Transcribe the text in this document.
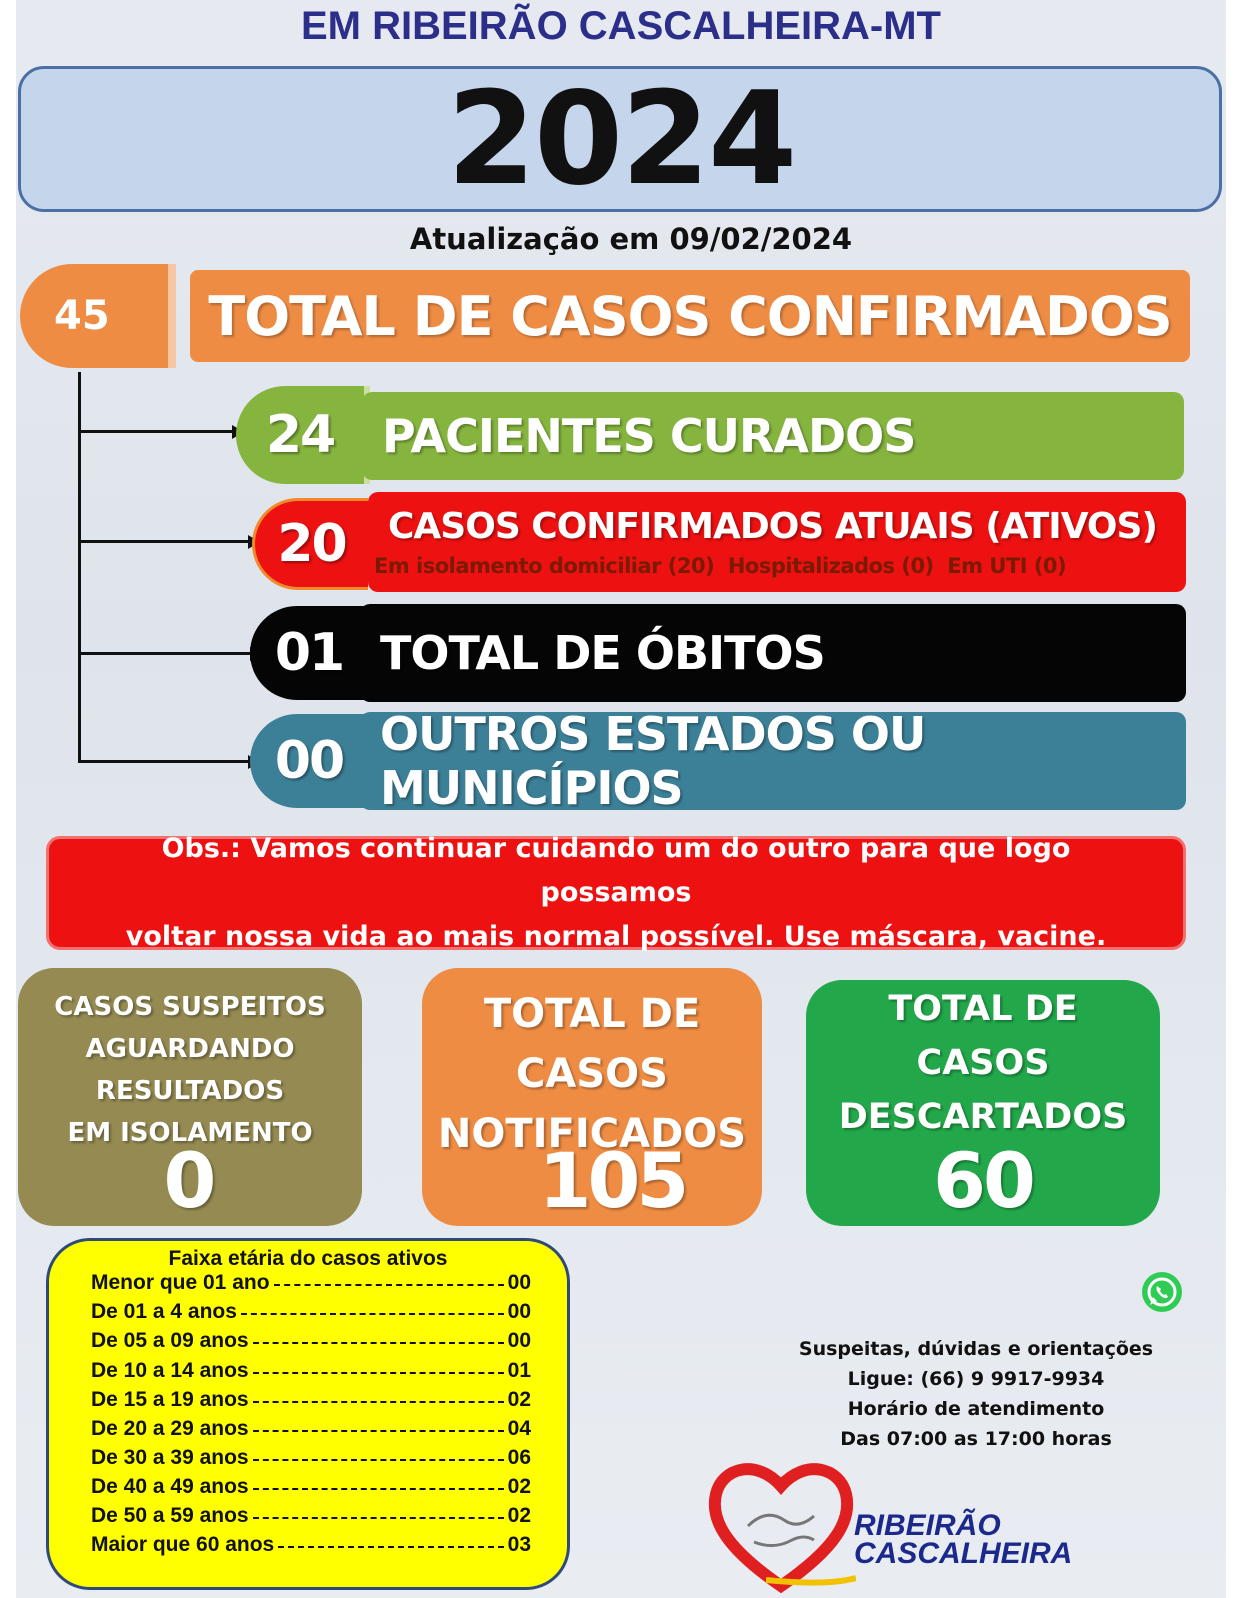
EM RIBEIRÃO CASCALHEIRA-MT
2024
Atualização em 09/02/2024
45	TOTAL DE CASOS CONFIRMADOS
24	PACIENTES CURADOS
20	CASOS CONFIRMADOS ATUAIS (ATIVOS)
Em isolamento domiciliar (20)  Hospitalizados (0)  Em UTI (0)
01 TOTAL DE ÓBITOS
00 OUTROS ESTADOS OU MUNICÍPIOS
Obs.: Vamos continuar cuidando um do outro para que logo possamos
voltar nossa vida ao mais normal possível. Use máscara, vacine.
CASOS SUSPEITOS
AGUARDANDO
RESULTADOS
EM ISOLAMENTO
0
TOTAL DE
CASOS
NOTIFICADOS
105
TOTAL DE
CASOS
DESCARTADOS
60
Faixa etária do casos ativos
Menor que 01 ano	00
De 01 a 4 anos	00
De 05 a 09 anos	00
De 10 a 14 anos	01
De 15 a 19 anos	02
De 20 a 29 anos	04
De 30 a 39 anos	06
De 40 a 49 anos	02
De 50 a 59 anos	02
Maior que 60 anos	03
Suspeitas, dúvidas e orientações
Ligue: (66) 9 9917-9934
Horário de atendimento
Das 07:00 as 17:00 horas
RIBEIRÃO
CASCALHEIRA
